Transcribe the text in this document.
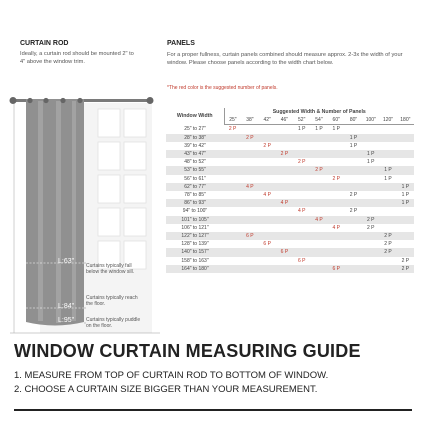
CURTAIN ROD
Ideally, a curtain rod should be mounted 2" to 4" above the window trim.
PANELS
For a proper fullness, curtain panels combined should measure approx. 2-3x the width of your window. Please choose panels according to the width chart below.
*The red color is the suggested number of panels.
L:63"
L:84"
L:95"
Curtains typically fall below the window sill.
Curtains typically reach the floor.
Curtains typically puddle on the floor.
Window Width	Suggested Width & Number of Panels										
	25"	38"	42"	46"	52"	54"	60"	80"	100"	120"	180"
25" to 27"	2 P				1 P	1 P	1 P				
28" to 38"		2 P						1 P			
39" to 42"			2 P					1 P			
43" to 47"				2 P					1 P		
48" to 52"					2 P				1 P		
53" to 55"						2 P				1 P	
56" to 61"							2 P			1 P	
62" to 77"		4 P									1 P
78" to 85"			4 P					2 P			1 P
86" to 93"				4 P							1 P
94" to 100"					4 P			2 P			
101" to 105"						4 P			2 P		
106" to 121"							4 P		2 P		
122" to 127"		6 P								2 P	
128" to 139"			6 P							2 P	
140" to 157"				6 P						2 P	
158" to 163"					6 P						2 P
164" to 180"							6 P				2 P
WINDOW CURTAIN MEASURING GUIDE
1. MEASURE FROM TOP OF CURTAIN ROD TO BOTTOM OF WINDOW.
2. CHOOSE A CURTAIN SIZE BIGGER THAN YOUR MEASUREMENT.
